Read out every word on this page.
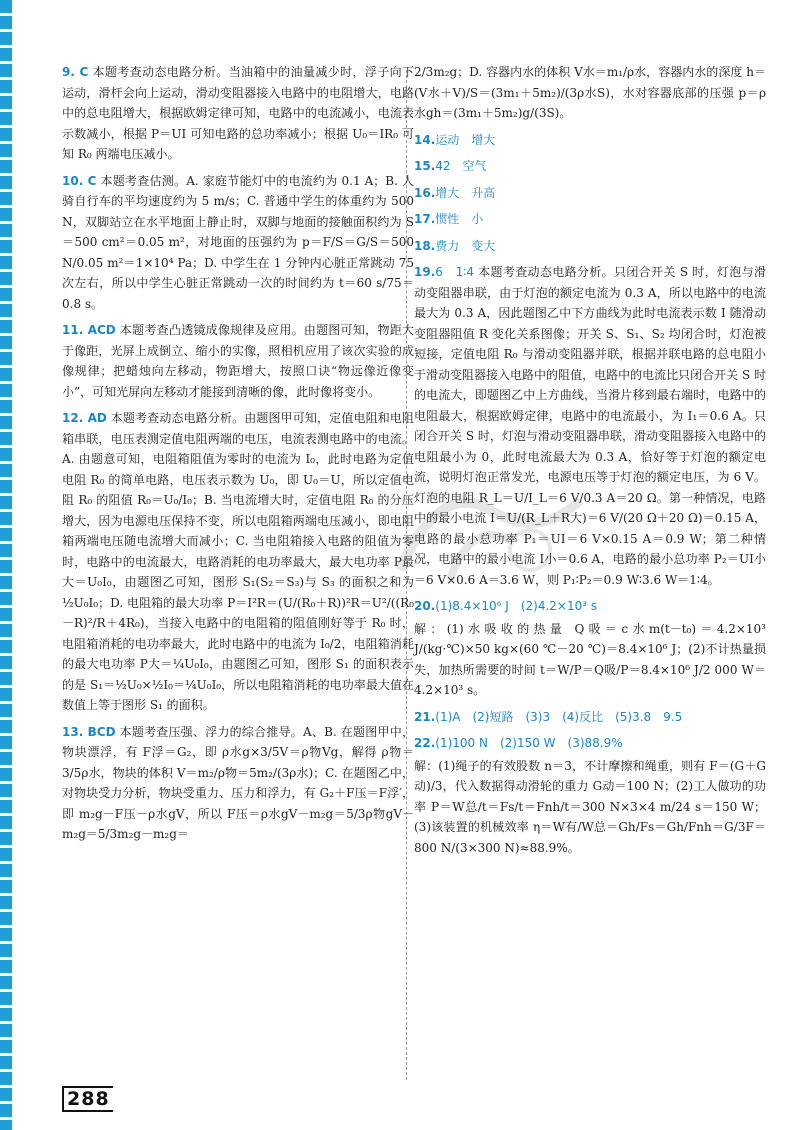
9. C 本题考查动态电路分析。当油箱中的油量减少时，浮子向下运动，滑杆会向上运动，滑动变阻器接入电路中的电阻增大，电路中的总电阻增大，根据欧姆定律可知，电路中的电流减小，电流表示数减小，根据 P＝UI 可知电路的总功率减小；根据 U₀＝IR₀ 可知 R₀ 两端电压减小。

10. C 本题考查估测。A. 家庭节能灯中的电流约为 0.1 A；B. 人骑自行车的平均速度约为 5 m/s；C. 普通中学生的体重约为 500 N，双脚站立在水平地面上静止时，双脚与地面的接触面积约为 S＝500 cm²＝0.05 m²，对地面的压强约为 p＝F/S＝G/S＝500 N/0.05 m²＝1×10⁴ Pa；D. 中学生在 1 分钟内心脏正常跳动 75 次左右，所以中学生心脏正常跳动一次的时间约为 t＝60 s/75＝0.8 s。

11. ACD 本题考查凸透镜成像规律及应用。由题图可知，物距大于像距，光屏上成倒立、缩小的实像，照相机应用了该次实验的成像规律；把蜡烛向左移动，物距增大，按照口诀“物远像近像变小”，可知光屏向左移动才能接到清晰的像，此时像将变小。

12. AD 本题考查动态电路分析。由题图甲可知，定值电阻和电阻箱串联，电压表测定值电阻两端的电压，电流表测电路中的电流。A. 由题意可知，电阻箱阻值为零时的电流为 I₀，此时电路为定值电阻 R₀ 的简单电路，电压表示数为 U₀，即 U₀＝U，所以定值电阻 R₀ 的阻值 R₀＝U₀/I₀；B. 当电流增大时，定值电阻 R₀ 的分压增大，因为电源电压保持不变，所以电阻箱两端电压减小，即电阻箱两端电压随电流增大而减小；C. 当电阻箱接入电路的阻值为零时，电路中的电流最大，电路消耗的电功率最大，最大电功率 P最大＝U₀I₀，由题图乙可知，图形 S₁(S₂＝S₃)与 S₃ 的面积之和为 ½U₀I₀；D. 电阻箱的最大功率 P＝I²R＝(U/(R₀＋R))²R＝U²/((R₀－R)²/R＋4R₀)，当接入电路中的电阻箱的阻值刚好等于 R₀ 时，电阻箱消耗的电功率最大，此时电路中的电流为 I₀/2，电阻箱消耗的最大电功率 P大＝¼U₀I₀，由题图乙可知，图形 S₁ 的面积表示的是 S₁＝½U₀×½I₀＝¼U₀I₀，所以电阻箱消耗的电功率最大值在数值上等于图形 S₁ 的面积。

13. BCD 本题考查压强、浮力的综合推导。A、B. 在题图甲中，物块漂浮，有 F浮＝G₂，即 ρ水g×3/5V＝ρ物Vg，解得 ρ物＝3/5ρ水，物块的体积 V＝m₂/ρ物＝5m₂/(3ρ水)；C. 在题图乙中，对物块受力分析，物块受重力、压力和浮力，有 G₂＋F压＝F浮′，即 m₂g－F压－ρ水gV，所以 F压＝ρ水gV－m₂g＝5/3ρ物gV－m₂g＝5/3m₂g－m₂g＝

2/3m₂g；D. 容器内水的体积 V水＝m₁/ρ水，容器内水的深度 h＝(V水＋V)/S＝(3m₁＋5m₂)/(3ρ水S)，水对容器底部的压强 p＝ρ水gh＝(3m₁＋5m₂)g/(3S)。

14.运动　增大

15.42　空气

16.增大　升高

17.惯性　小

18.费力　变大

19.6　1∶4 本题考查动态电路分析。只闭合开关 S 时，灯泡与滑动变阻器串联，由于灯泡的额定电流为 0.3 A，所以电路中的电流最大为 0.3 A，因此题图乙中下方曲线为此时电流表示数 I 随滑动变阻器阻值 R 变化关系图像；开关 S、S₁、S₂ 均闭合时，灯泡被短接，定值电阻 R₀ 与滑动变阻器并联，根据并联电路的总电阻小于滑动变阻器接入电路中的阻值，电路中的电流比只闭合开关 S 时的电流大，即题图乙中上方曲线，当滑片移到最右端时，电路中的电阻最大，根据欧姆定律，电路中的电流最小，为 I₁＝0.6 A。只闭合开关 S 时，灯泡与滑动变阻器串联，滑动变阻器接入电路中的电阻最小为 0，此时电流最大为 0.3 A，恰好等于灯泡的额定电流，说明灯泡正常发光，电源电压等于灯泡的额定电压，为 6 V。灯泡的电阻 R_L＝U/I_L＝6 V/0.3 A＝20 Ω。第一种情况，电路中的最小电流 I＝U/(R_L＋R大)＝6 V/(20 Ω＋20 Ω)＝0.15 A，电路的最小总功率 P₁＝UI＝6 V×0.15 A＝0.9 W；第二种情况，电路中的最小电流 I小＝0.6 A，电路的最小总功率 P₂＝UI小＝6 V×0.6 A＝3.6 W，则 P₁∶P₂＝0.9 W∶3.6 W＝1∶4。

20.(1)8.4×10⁶ J　(2)4.2×10³ s

解：(1)水吸收的热量 Q吸＝c水m(t－t₀)＝4.2×10³ J/(kg·℃)×50 kg×(60 ℃－20 ℃)＝8.4×10⁶ J；(2)不计热量损失，加热所需要的时间 t＝W/P＝Q吸/P＝8.4×10⁶ J/2 000 W＝4.2×10³ s。

21.(1)A　(2)短路　(3)3　(4)反比　(5)3.8　9.5

22.(1)100 N　(2)150 W　(3)88.9%

解：(1)绳子的有效股数 n＝3，不计摩擦和绳重，则有 F＝(G＋G动)/3，代入数据得动滑轮的重力 G动＝100 N；(2)工人做功的功率 P＝W总/t＝Fs/t＝Fnh/t＝300 N×3×4 m/24 s＝150 W；(3)该装置的机械效率 η＝W有/W总＝Gh/Fs＝Gh/Fnh＝G/3F＝800 N/(3×300 N)≈88.9%。

288
